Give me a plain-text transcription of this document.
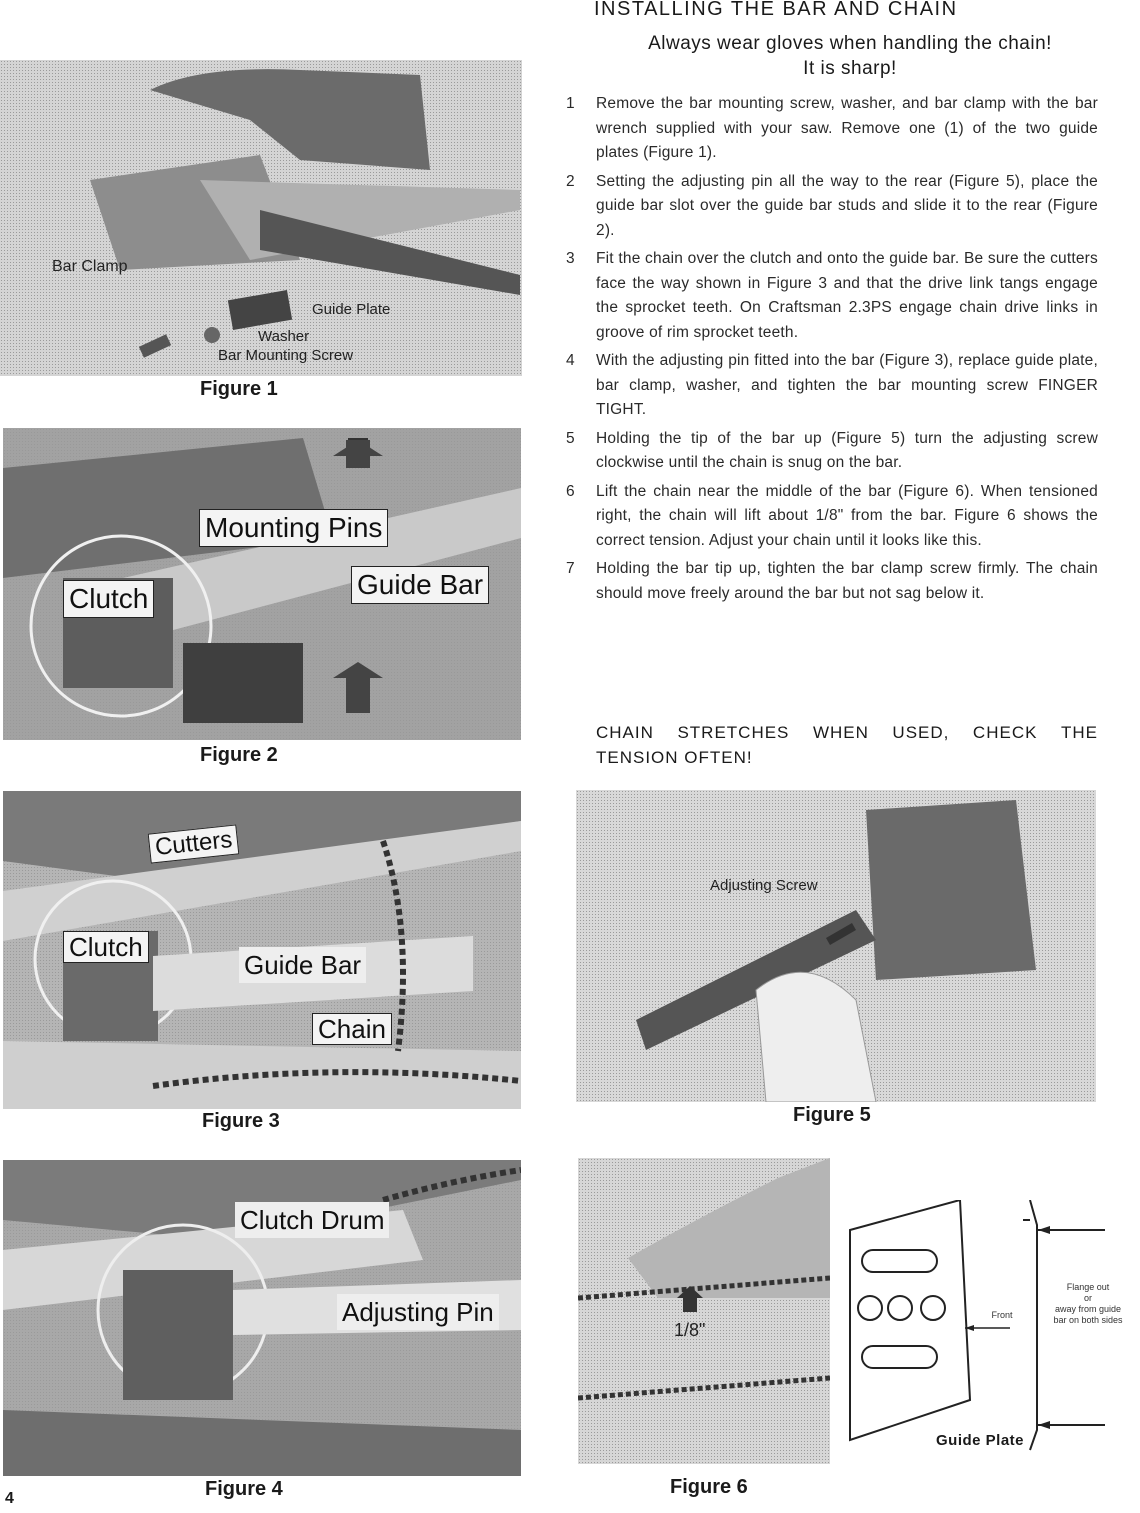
INSTALLING THE BAR AND CHAIN
Always wear gloves when handling the chain!
It is sharp!
1 Remove the bar mounting screw, washer, and bar clamp with the bar wrench supplied with your saw. Remove one (1) of the two guide plates (Figure 1).
2 Setting the adjusting pin all the way to the rear (Figure 5), place the guide bar slot over the guide bar studs and slide it to the rear (Figure 2).
3 Fit the chain over the clutch and onto the guide bar. Be sure the cutters face the way shown in Figure 3 and that the drive link tangs engage the sprocket teeth. On Craftsman 2.3PS engage chain drive links in groove of rim sprocket teeth.
4 With the adjusting pin fitted into the bar (Figure 3), replace guide plate, bar clamp, washer, and tighten the bar mounting screw FINGER TIGHT.
5 Holding the tip of the bar up (Figure 5) turn the adjusting screw clockwise until the chain is snug on the bar.
6 Lift the chain near the middle of the bar (Figure 6). When tensioned right, the chain will lift about 1/8" from the bar. Figure 6 shows the correct tension. Adjust your chain until it looks like this.
7 Holding the bar tip up, tighten the bar clamp screw firmly. The chain should move freely around the bar but not sag below it.
CHAIN STRETCHES WHEN USED, CHECK THE
TENSION OFTEN!
Bar Clamp
Guide Plate
Washer
Bar Mounting Screw
Figure 1
Mounting Pins
Clutch	Guide Bar
Figure 2
Cutters
Clutch
Guide Bar
Chain
Figure 3
Clutch Drum
Adjusting Pin
Figure 4
Adjusting Screw
Figure 5
1/8"
Figure 6
Front
Flange out
or
away from guide
bar on both sides
Guide Plate
4
